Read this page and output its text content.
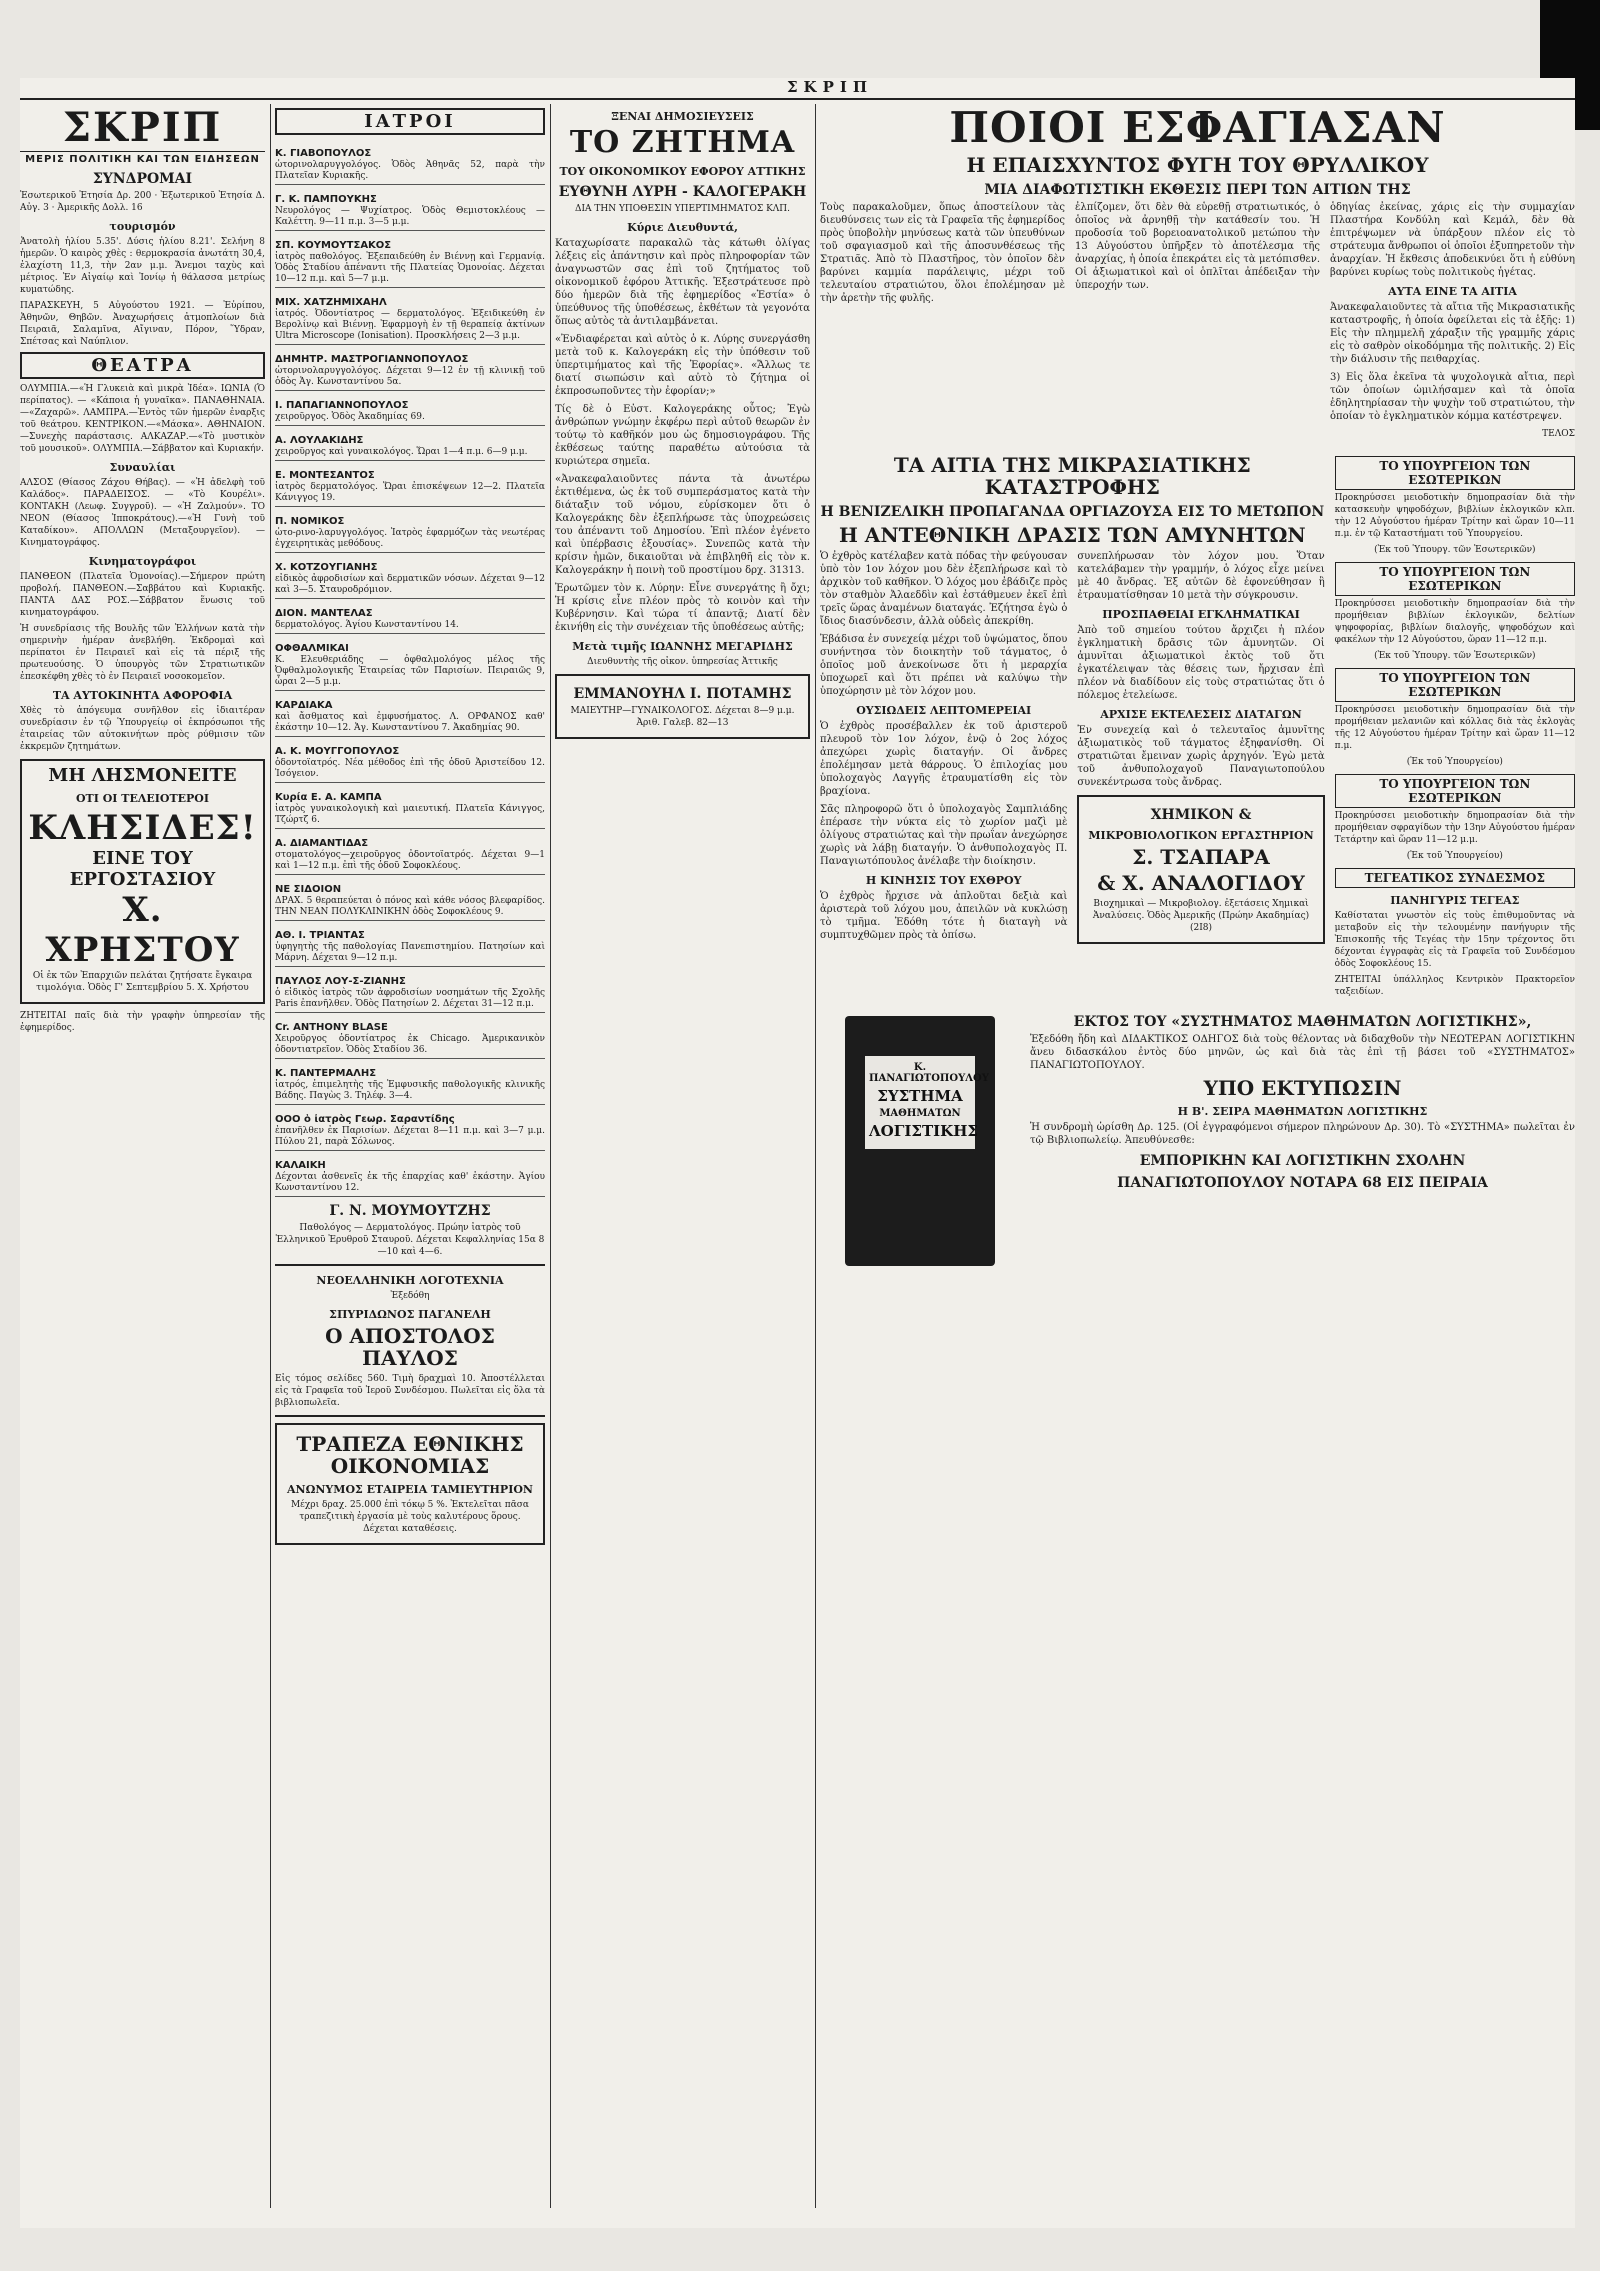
ΣΚΡΙΠ
ΣΚΡΙΠ
ΜΕΡΙΣ ΠΟΛΙΤΙΚΗ ΚΑΙ ΤΩΝ ΕΙΔΗΣΕΩΝ
ΣΥΝΔΡΟΜΑΙ

Ἐσωτερικοῦ Ἐτησία Δρ. 200 · Ἐξωτερικοῦ Ἐτησία Δ. Αὐγ. 3 · Ἀμερικῆς Δολλ. 16

τουρισμόν

Ἀνατολὴ ἡλίου 5.35'. Δύσις ἡλίου 8.21'. Σελήνη 8 ἡμερῶν. Ὁ καιρὸς χθὲς : θερμοκρασία ἀνωτάτη 30,4, ἐλαχίστη 11,3, τὴν 2αν μ.μ. Ἄνεμοι ταχὺς καὶ μέτριος. Ἐν Αἰγαίῳ καὶ Ἰονίῳ ἡ θάλασσα μετρίως κυματώδης.

ΠΑΡΑΣΚΕΥΗ, 5 Αὐγούστου 1921. — Ἐὐρίπου, Ἀθηνῶν, Θηβῶν. Ἀναχωρήσεις ἀτμοπλοίων διὰ Πειραιᾶ, Σαλαμῖνα, Αἴγιναν, Πόρον, Ὕδραν, Σπέτσας καὶ Ναύπλιον.

ΘΕΑΤΡΑ

ΟΛΥΜΠΙΑ.—«Ἡ Γλυκειὰ καὶ μικρὰ Ἰδέα». ΙΩΝΙΑ (Ὁ περίπατος). — «Κάποια ἡ γυναῖκα». ΠΑΝΑΘΗΝΑΙΑ.—«Ζαχαρῶ». ΛΑΜΠΡΑ.—Ἐντὸς τῶν ἡμερῶν ἐναρξις τοῦ θεάτρου. ΚΕΝΤΡΙΚΟΝ.—«Μάσκα». ΑΘΗΝΑΙΟΝ.—Συνεχὴς παράστασις. ΑΛΚΑΖΑΡ.—«Τὸ μυστικὸν τοῦ μουσικοῦ». ΟΛΥΜΠΙΑ.—Σάββατον καὶ Κυριακήν.

Συναυλίαι

ΑΛΣΟΣ (Θίασος Ζάχου Θήβας). — «Ἡ ἀδελφὴ τοῦ Καλάδος». ΠΑΡΑΔΕΙΣΟΣ. — «Τὸ Κουρέλι». ΚΟΝΤΑΚΗ (Λεωφ. Συγγροῦ). — «Ἡ Ζαλμούν». ΤΟ ΝΕΟΝ (Θίασος Ἱπποκράτους).—«Ἡ Γυνὴ τοῦ Καταδίκου». ΑΠΟΛΛΩΝ (Μεταξουργεῖον). — Κινηματογράφος.

Κινηματογράφοι

ΠΑΝΘΕΟΝ (Πλατεῖα Ὁμονοίας).—Σήμερον πρώτη προβολή. ΠΑΝΘΕΟΝ.—Σαββάτου καὶ Κυριακῆς. ΠΑΝΤΑ ΔΑΣ ΡΟΣ.—Σάββατον ἕνωσις τοῦ κινηματογράφου.

Ἡ συνεδρίασις τῆς Βουλῆς τῶν Ἑλλήνων κατὰ τὴν σημερινὴν ἡμέραν ἀνεβλήθη. Ἐκδρομαὶ καὶ περίπατοι ἐν Πειραιεῖ καὶ εἰς τὰ πέριξ τῆς πρωτευούσης. Ὁ ὑπουργὸς τῶν Στρατιωτικῶν ἐπεσκέφθη χθὲς τὸ ἐν Πειραιεῖ νοσοκομεῖον.

ΤΑ ΑΥΤΟΚΙΝΗΤΑ ΑΦΟΡΟΦΙΑ

Χθὲς τὸ ἀπόγευμα συνῆλθον εἰς ἰδιαιτέραν συνεδρίασιν ἐν τῷ Ὑπουργείῳ οἱ ἐκπρόσωποι τῆς ἑταιρείας τῶν αὐτοκινήτων πρὸς ρύθμισιν τῶν ἐκκρεμῶν ζητημάτων.

ΜΗ ΛΗΣΜΟΝΕΙΤΕ
ΟΤΙ ΟΙ ΤΕΛΕΙΟΤΕΡΟΙ
ΚΛΗΣΙΔΕΣ!
ΕΙΝΕ ΤΟΥ
ΕΡΓΟΣΤΑΣΙΟΥ
Χ. ΧΡΗΣΤΟΥ

Οἱ ἐκ τῶν Ἐπαρχιῶν πελάται ζητήσατε ἔγκαιρα τιμολόγια. Ὁδὸς Γ' Σεπτεμβρίου 5. Χ. Χρήστου

ΖΗΤΕΙΤΑΙ παῖς διὰ τὴν γραφὴν ὑπηρεσίαν τῆς ἐφημερίδος.

ΙΑΤΡΟΙ
Κ. ΓΙΑΒΟΠΟΥΛΟΣ

ὠτορινολαρυγγολόγος. Ὁδὸς Ἀθηνᾶς 52, παρὰ τὴν Πλατεῖαν Κυριακῆς.

Γ. Κ. ΠΑΜΠΟΥΚΗΣ

Νευρολόγος — Ψυχίατρος. Ὁδὸς Θεμιστοκλέους — Καλέττη. 9—11 π.μ. 3—5 μ.μ.

ΣΠ. ΚΟΥΜΟΥΤΣΑΚΟΣ

ἰατρὸς παθολόγος. Ἐξεπαιδεύθη ἐν Βιέννῃ καὶ Γερμανίᾳ. Ὁδὸς Σταδίου ἀπέναντι τῆς Πλατείας Ὁμονοίας. Δέχεται 10—12 π.μ. καὶ 5—7 μ.μ.

ΜΙΧ. ΧΑΤΖΗΜΙΧΑΗΛ

ἰατρός. Ὀδοντίατρος — δερματολόγος. Ἐξειδικεύθη ἐν Βερολίνῳ καὶ Βιέννῃ. Ἐφαρμογὴ ἐν τῇ θεραπείᾳ ἀκτίνων Ultra Microscope (Ionisation). Προσκλήσεις 2—3 μ.μ.

ΔΗΜΗΤΡ. ΜΑΣΤΡΟΓΙΑΝΝΟΠΟΥΛΟΣ

ὠτορινολαρυγγολόγος. Δέχεται 9—12 ἐν τῇ κλινικῇ τοῦ ὁδὸς Ἀγ. Κωνσταντίνου 5α.

Ι. ΠΑΠΑΓΙΑΝΝΟΠΟΥΛΟΣ

χειροῦργος. Ὁδὸς Ἀκαδημίας 69.

Α. ΛΟΥΛΑΚΙΔΗΣ

χειροῦργος καὶ γυναικολόγος. Ὥραι 1—4 π.μ. 6—9 μ.μ.

Ε. ΜΟΝΤΕΣΑΝΤΟΣ

ἰατρὸς δερματολόγος. Ὥραι ἐπισκέψεων 12—2. Πλατεῖα Κάνιγγος 19.

Π. ΝΟΜΙΚΟΣ

ὠτο-ρινο-λαρυγγολόγος. Ἰατρὸς ἐφαρμόζων τὰς νεωτέρας ἐγχειρητικὰς μεθόδους.

Χ. ΚΟΤΖΟΥΓΙΑΝΗΣ

εἰδικὸς ἀφροδισίων καὶ δερματικῶν νόσων. Δέχεται 9—12 καὶ 3—5. Σταυροδρόμιον.

ΔΙΟΝ. ΜΑΝΤΕΛΑΣ

δερματολόγος. Ἁγίου Κωνσταντίνου 14.

ΟΦΘΑΛΜΙΚΑΙ

Κ. Ελευθεριάδης — ὀφθαλμολόγος μέλος τῆς Ὀφθαλμολογικῆς Ἑταιρείας τῶν Παρισίων. Πειραιῶς 9, ὧραι 2—5 μ.μ.

ΚΑΡΔΙΑΚΑ

καὶ ἄσθματος καὶ ἐμφυσήματος. Λ. ΟΡΦΑΝΟΣ καθ' ἑκάστην 10—12. Ἀγ. Κωνσταντίνου 7. Ἀκαδημίας 90.

Α. Κ. ΜΟΥΓΓΟΠΟΥΛΟΣ

ὀδοντοϊατρός. Νέα μέθοδος ἐπὶ τῆς ὁδοῦ Ἀριστείδου 12. Ἰσόγειον.

Κυρία Ε. Α. ΚΑΜΠΑ

ἰατρὸς γυναικολογικὴ καὶ μαιευτική. Πλατεῖα Κάνιγγος, Τζώρτζ 6.

Α. ΔΙΑΜΑΝΤΙΔΑΣ

στοματολόγος—χειροῦργος ὀδοντοϊατρός. Δέχεται 9—1 καὶ 1—12 π.μ. ἐπὶ τῆς ὁδοῦ Σοφοκλέους.

ΝΕ ΣΙΔΟΙΟΝ

ΔΡΑΧ. 5 θεραπεύεται ὁ πόνος καὶ κάθε νόσος βλεφαρίδος. ΤΗΝ ΝΕΑΝ ΠΟΛΥΚΛΙΝΙΚΗΝ ὁδὸς Σοφοκλέους 9.

ΑΘ. Ι. ΤΡΙΑΝΤΑΣ

ὑφηγητὴς τῆς παθολογίας Πανεπιστημίου. Πατησίων καὶ Μάρνη. Δέχεται 9—12 π.μ.

ΠΑΥΛΟΣ ΛΟΥ-Σ-ΖΙΑΝΗΣ

ὁ εἰδικὸς ἰατρὸς τῶν ἀφροδισίων νοσημάτων τῆς Σχολῆς Paris ἐπανῆλθεν. Ὁδὸς Πατησίων 2. Δέχεται 31—12 π.μ.

Cr. ANTHONY BLASE

Χειροῦργος ὀδοντίατρος ἐκ Chicago. Ἀμερικανικὸν ὀδοντιατρεῖον. Ὁδὸς Σταδίου 36.

Κ. ΠΑΝΤΕΡΜΑΛΗΣ

ἰατρός, ἐπιμελητὴς τῆς Ἐμφυσικῆς παθολογικῆς κλινικῆς Βάδης. Παγὼς 3. Τηλέφ. 3—4.

ΟΟΟ ὁ ἰατρὸς Γεωρ. Σαραντίδης

ἐπανῆλθεν ἐκ Παρισίων. Δέχεται 8—11 π.μ. καὶ 3—7 μ.μ. Πύλου 21, παρὰ Σόλωνος.

ΚΑΛΑΙΚΗ

Δέχονται ἀσθενεῖς ἐκ τῆς ἐπαρχίας καθ' ἑκάστην. Ἁγίου Κωνσταντίνου 12.

Γ. Ν. ΜΟΥΜΟΥΤΖΗΣ

Παθολόγος — Δερματολόγος. Πρώην ἰατρὸς τοῦ Ἑλληνικοῦ Ἐρυθροῦ Σταυροῦ. Δέχεται Κεφαλληνίας 15α 8—10 καὶ 4—6.

ΝΕΟΕΛΛΗΝΙΚΗ ΛΟΓΟΤΕΧΝΙΑ
Ἐξεδόθη
ΣΠΥΡΙΔΩΝΟΣ ΠΑΓΑΝΕΛΗ
Ο ΑΠΟΣΤΟΛΟΣ ΠΑΥΛΟΣ

Εἰς τόμος σελίδες 560. Τιμὴ δραχμαὶ 10. Ἀποστέλλεται εἰς τὰ Γραφεῖα τοῦ Ἱεροῦ Συνδέσμου. Πωλεῖται εἰς ὅλα τὰ βιβλιοπωλεῖα.

ΤΡΑΠΕΖΑ ΕΘΝΙΚΗΣ ΟΙΚΟΝΟΜΙΑΣ
ΑΝΩΝΥΜΟΣ ΕΤΑΙΡΕΙΑ ΤΑΜΙΕΥΤΗΡΙΟΝ

Μέχρι δραχ. 25.000 ἐπὶ τόκῳ 5 %. Ἐκτελεῖται πᾶσα τραπεζιτικὴ ἐργασία μὲ τοὺς καλυτέρους ὅρους. Δέχεται καταθέσεις.

ΞΕΝΑΙ ΔΗΜΟΣΙΕΥΣΕΙΣ
ΤΟ ΖΗΤΗΜΑ
ΤΟΥ ΟΙΚΟΝΟΜΙΚΟΥ ΕΦΟΡΟΥ ΑΤΤΙΚΗΣ
ΕΥΘΥΝΗ ΛΥΡΗ - ΚΑΛΟΓΕΡΑΚΗ
ΔΙΑ ΤΗΝ ΥΠΟΘΕΣΙΝ ΥΠΕΡΤΙΜΗΜΑΤΟΣ ΚΛΠ.
Κύριε Διευθυντά,

Καταχωρίσατε παρακαλῶ τὰς κάτωθι ὀλίγας λέξεις εἰς ἀπάντησιν καὶ πρὸς πληροφορίαν τῶν ἀναγνωστῶν σας ἐπὶ τοῦ ζητήματος τοῦ οἰκονομικοῦ ἐφόρου Ἀττικῆς. Ἐξεστράτευσε πρὸ δύο ἡμερῶν διὰ τῆς ἐφημερίδος «Ἑστία» ὁ ὑπεύθυνος τῆς ὑποθέσεως, ἐκθέτων τὰ γεγονότα ὅπως αὐτὸς τὰ ἀντιλαμβάνεται.

«Ἐνδιαφέρεται καὶ αὐτὸς ὁ κ. Λύρης συνεργάσθη μετὰ τοῦ κ. Καλογεράκη εἰς τὴν ὑπόθεσιν τοῦ ὑπερτιμήματος καὶ τῆς Ἐφορίας». «Ἄλλως τε διατί σιωπώσιν καὶ αὐτὸ τὸ ζήτημα οἱ ἐκπροσωποῦντες τὴν ἐφορίαν;»

Τίς δὲ ὁ Εὐστ. Καλογεράκης οὗτος; Ἐγὼ ἀνθρώπων γνώμην ἐκφέρω περὶ αὐτοῦ θεωρῶν ἐν τούτῳ τὸ καθῆκόν μου ὡς δημοσιογράφου. Τῆς ἐκθέσεως ταύτης παραθέτω αὐτούσια τὰ κυριώτερα σημεῖα.

«Ἀνακεφαλαιοῦντες πάντα τὰ ἀνωτέρω ἐκτιθέμενα, ὡς ἐκ τοῦ συμπεράσματος κατὰ τὴν διάταξιν τοῦ νόμου, εὑρίσκομεν ὅτι ὁ Καλογεράκης δὲν ἐξεπλήρωσε τὰς ὑποχρεώσεις του ἀπέναντι τοῦ Δημοσίου. Ἐπὶ πλέον ἐγένετο καὶ ὑπέρβασις ἐξουσίας». Συνεπῶς κατὰ τὴν κρίσιν ἡμῶν, δικαιοῦται νὰ ἐπιβληθῆ εἰς τὸν κ. Καλογεράκην ἡ ποινὴ τοῦ προστίμου δρχ. 31313.

Ἐρωτῶμεν τὸν κ. Λύρην: Εἶνε συνεργάτης ἢ ὄχι; Ἡ κρίσις εἶνε πλέον πρὸς τὸ κοινὸν καὶ τὴν Κυβέρνησιν. Καὶ τώρα τί ἀπαντᾷ; Διατί δὲν ἐκινήθη εἰς τὴν συνέχειαν τῆς ὑποθέσεως αὐτῆς;

Μετὰ τιμῆς ΙΩΑΝΝΗΣ ΜΕΓΑΡΙΔΗΣ
Διευθυντὴς τῆς οἰκον. ὑπηρεσίας Ἀττικῆς
ΕΜΜΑΝΟΥΗΛ Ι. ΠΟΤΑΜΗΣ
ΜΑΙΕΥΤΗΡ—ΓΥΝΑΙΚΟΛΟΓΟΣ. Δέχεται 8—9 μ.μ. Ἀριθ. Γαλεβ. 82—13
ΠΟΙΟΙ ΕΣΦΑΓΙΑΣΑΝ
Η ΕΠΑΙΣΧΥΝΤΟΣ ΦΥΓΗ ΤΟΥ ΘΡΥΛΛΙΚΟΥ
ΜΙΑ ΔΙΑΦΩΤΙΣΤΙΚΗ ΕΚΘΕΣΙΣ ΠΕΡΙ ΤΩΝ ΑΙΤΙΩΝ ΤΗΣ

Τοὺς παρακαλοῦμεν, ὅπως ἀποστείλουν τὰς διευθύνσεις των εἰς τὰ Γραφεῖα τῆς ἐφημερίδος πρὸς ὑποβολὴν μηνύσεως κατὰ τῶν ὑπευθύνων τοῦ σφαγιασμοῦ καὶ τῆς ἀποσυνθέσεως τῆς Στρατιᾶς. Ἀπὸ τὸ Πλαστῆρος, τὸν ὁποῖον δὲν βαρύνει καμμία παράλειψις, μέχρι τοῦ τελευταίου στρατιώτου, ὅλοι ἐπολέμησαν μὲ τὴν ἀρετὴν τῆς φυλῆς.

ἐλπίζομεν, ὅτι δὲν θὰ εὑρεθῇ στρατιωτικός, ὁ ὁποῖος νὰ ἀρνηθῇ τὴν κατάθεσίν του. Ἡ προδοσία τοῦ βορειοανατολικοῦ μετώπου τὴν 13 Αὐγούστου ὑπῆρξεν τὸ ἀποτέλεσμα τῆς ἀναρχίας, ἡ ὁποία ἐπεκράτει εἰς τὰ μετόπισθεν. Οἱ ἀξιωματικοὶ καὶ οἱ ὁπλῖται ἀπέδειξαν τὴν ὑπεροχήν των.

ὁδηγίας ἐκείνας, χάρις εἰς τὴν συμμαχίαν Πλαστήρα Κονδύλη καὶ Κεμάλ, δὲν θὰ ἐπιτρέψωμεν νὰ ὑπάρξουν πλέον εἰς τὸ στράτευμα ἄνθρωποι οἱ ὁποῖοι ἐξυπηρετοῦν τὴν ἀναρχίαν. Ἡ ἔκθεσις ἀποδεικνύει ὅτι ἡ εὐθύνη βαρύνει κυρίως τοὺς πολιτικοὺς ἡγέτας.

ΑΥΤΑ ΕΙΝΕ ΤΑ ΑΙΤΙΑ

Ἀνακεφαλαιοῦντες τὰ αἴτια τῆς Μικρασιατικῆς καταστροφῆς, ἡ ὁποία ὀφείλεται εἰς τὰ ἑξῆς: 1) Εἰς τὴν πλημμελῆ χάραξιν τῆς γραμμῆς χάρις εἰς τὸ σαθρὸν οἰκοδόμημα τῆς πολιτικῆς. 2) Εἰς τὴν διάλυσιν τῆς πειθαρχίας.

3) Εἰς ὅλα ἐκεῖνα τὰ ψυχολογικὰ αἴτια, περὶ τῶν ὁποίων ὡμιλήσαμεν καὶ τὰ ὁποῖα ἐδηλητηρίασαν τὴν ψυχὴν τοῦ στρατιώτου, τὴν ὁποίαν τὸ ἐγκληματικὸν κόμμα κατέστρεψεν.

ΤΕΛΟΣ
ΤΑ ΑΙΤΙΑ ΤΗΣ ΜΙΚΡΑΣΙΑΤΙΚΗΣ ΚΑΤΑΣΤΡΟΦΗΣ
Η ΒΕΝΙΖΕΛΙΚΗ ΠΡΟΠΑΓΑΝΔΑ ΟΡΓΙΑΖΟΥΣΑ ΕΙΣ ΤΟ ΜΕΤΩΠΟΝ
Η ΑΝΤΕΘΝΙΚΗ ΔΡΑΣΙΣ ΤΩΝ ΑΜΥΝΗΤΩΝ

Ὁ ἐχθρὸς κατέλαβεν κατὰ πόδας τὴν φεύγουσαν ὑπὸ τὸν 1ον λόχον μου δὲν ἐξεπλήρωσε καὶ τὸ ἀρχικὸν τοῦ καθῆκον. Ὁ λόχος μου ἐβάδιζε πρὸς τὸν σταθμὸν Ἀλαεδδὶν καὶ ἐστάθμευεν ἐκεῖ ἐπὶ τρεῖς ὥρας ἀναμένων διαταγάς. Ἐζήτησα ἐγὼ ὁ ἴδιος διασύνδεσιν, ἀλλὰ οὐδεὶς ἀπεκρίθη.

Ἐβάδισα ἐν συνεχείᾳ μέχρι τοῦ ὑψώματος, ὅπου συνήντησα τὸν διοικητὴν τοῦ τάγματος, ὁ ὁποῖος μοῦ ἀνεκοίνωσε ὅτι ἡ μεραρχία ὑποχωρεῖ καὶ ὅτι πρέπει νὰ καλύψω τὴν ὑποχώρησιν μὲ τὸν λόχον μου.

ΟΥΣΙΩΔΕΙΣ ΛΕΠΤΟΜΕΡΕΙΑΙ

Ὁ ἐχθρὸς προσέβαλλεν ἐκ τοῦ ἀριστεροῦ πλευροῦ τὸν 1ον λόχον, ἐνῷ ὁ 2ος λόχος ἀπεχώρει χωρὶς διαταγήν. Οἱ ἄνδρες ἐπολέμησαν μετὰ θάρρους. Ὁ ἐπιλοχίας μου ὑπολοχαγὸς Λαγγῆς ἐτραυματίσθη εἰς τὸν βραχίονα.

Σᾶς πληροφορῶ ὅτι ὁ ὑπολοχαγὸς Σαμπλιάδης ἐπέρασε τὴν νύκτα εἰς τὸ χωρίον μαζὶ μὲ ὀλίγους στρατιώτας καὶ τὴν πρωΐαν ἀνεχώρησε χωρὶς νὰ λάβῃ διαταγήν. Ὁ ἀνθυπολοχαγὸς Π. Παναγιωτόπουλος ἀνέλαβε τὴν διοίκησιν.

Η ΚΙΝΗΣΙΣ ΤΟΥ ΕΧΘΡΟΥ

Ὁ ἐχθρὸς ἤρχισε νὰ ἀπλοῦται δεξιὰ καὶ ἀριστερὰ τοῦ λόχου μου, ἀπειλῶν νὰ κυκλώσῃ τὸ τμῆμα. Ἐδόθη τότε ἡ διαταγὴ νὰ συμπτυχθῶμεν πρὸς τὰ ὀπίσω.

συνεπλήρωσαν τὸν λόχον μου. Ὅταν κατελάβαμεν τὴν γραμμήν, ὁ λόχος εἶχε μείνει μὲ 40 ἄνδρας. Ἐξ αὐτῶν δὲ ἐφονεύθησαν ἢ ἐτραυματίσθησαν 10 μετὰ τὴν σύγκρουσιν.

ΠΡΟΣΠΑΘΕΙΑΙ ΕΓΚΛΗΜΑΤΙΚΑΙ

Ἀπὸ τοῦ σημείου τούτου ἄρχιζει ἡ πλέον ἐγκληματικὴ δρᾶσις τῶν ἀμυνητῶν. Οἱ ἀμυνῖται ἀξιωματικοὶ ἐκτὸς τοῦ ὅτι ἐγκατέλειψαν τὰς θέσεις των, ἤρχισαν ἐπὶ πλέον νὰ διαδίδουν εἰς τοὺς στρατιώτας ὅτι ὁ πόλεμος ἐτελείωσε.

ΑΡΧΙΣΕ ΕΚΤΕΛΕΣΕΙΣ ΔΙΑΤΑΓΩΝ

Ἐν συνεχείᾳ καὶ ὁ τελευταῖος ἀμυνῖτης ἀξιωματικὸς τοῦ τάγματος ἐξηφανίσθη. Οἱ στρατιῶται ἔμειναν χωρὶς ἀρχηγόν. Ἐγὼ μετὰ τοῦ ἀνθυπολοχαγοῦ Παναγιωτοπούλου συνεκέντρωσα τοὺς ἄνδρας.

ΧΗΜΙΚΟΝ &
ΜΙΚΡΟΒΙΟΛΟΓΙΚΟΝ ΕΡΓΑΣΤΗΡΙΟΝ
Σ. ΤΣΑΠΑΡΑ
& Χ. ΑΝΑΛΟΓΙΔΟΥ

Βιοχημικαὶ — Μικροβιολογ. ἐξετάσεις Χημικαὶ Ἀναλύσεις. Ὁδὸς Ἀμερικῆς (Πρώην Ακαδημίας) (2Ι8)

ΤΟ ΥΠΟΥΡΓΕΙΟΝ ΤΩΝ ΕΣΩΤΕΡΙΚΩΝ

Προκηρύσσει μειοδοτικὴν δημοπρασίαν διὰ τὴν κατασκευὴν ψηφοδόχων, βιβλίων ἐκλογικῶν κλπ. τὴν 12 Αὐγούστου ἡμέραν Τρίτην καὶ ὥραν 10—11 π.μ. ἐν τῷ Καταστήματι τοῦ Ὑπουργείου.

(Ἐκ τοῦ Ὑπουργ. τῶν Ἐσωτερικῶν)
ΤΟ ΥΠΟΥΡΓΕΙΟΝ ΤΩΝ ΕΣΩΤΕΡΙΚΩΝ

Προκηρύσσει μειοδοτικὴν δημοπρασίαν διὰ τὴν προμήθειαν βιβλίων ἐκλογικῶν, δελτίων ψηφοφορίας, βιβλίων διαλογῆς, ψηφοδόχων καὶ φακέλων τὴν 12 Αὐγούστου, ὥραν 11—12 π.μ.

(Ἐκ τοῦ Ὑπουργ. τῶν Ἐσωτερικῶν)
ΤΟ ΥΠΟΥΡΓΕΙΟΝ ΤΩΝ ΕΣΩΤΕΡΙΚΩΝ

Προκηρύσσει μειοδοτικὴν δημοπρασίαν διὰ τὴν προμήθειαν μελανιῶν καὶ κόλλας διὰ τὰς ἐκλογὰς τῆς 12 Αὐγούστου ἡμέραν Τρίτην καὶ ὥραν 11—12 π.μ.

(Ἐκ τοῦ Ὑπουργείου)
ΤΟ ΥΠΟΥΡΓΕΙΟΝ ΤΩΝ ΕΣΩΤΕΡΙΚΩΝ

Προκηρύσσει μειοδοτικὴν δημοπρασίαν διὰ τὴν προμήθειαν σφραγίδων τὴν 13ην Αὐγούστου ἡμέραν Τετάρτην καὶ ὥραν 11—12 μ.μ.

(Ἐκ τοῦ Ὑπουργείου)
ΤΕΓΕΑΤΙΚΟΣ ΣΥΝΔΕΣΜΟΣ
ΠΑΝΗΓΥΡΙΣ ΤΕΓΕΑΣ

Καθίσταται γνωστὸν εἰς τοὺς ἐπιθυμοῦντας νὰ μεταβοῦν εἰς τὴν τελουμένην πανήγυριν τῆς Ἐπισκοπῆς τῆς Τεγέας τὴν 15ην τρέχοντος ὅτι δέχονται ἐγγραφὰς εἰς τὰ Γραφεῖα τοῦ Συνδέσμου ὁδὸς Σοφοκλέους 15.

ΖΗΤΕΙΤΑΙ ὑπάλληλος Κεντρικὸν Πρακτορεῖον ταξειδίων.

Κ. ΠΑΝΑΓΙΩΤΟΠΟΥΛΟΥ
ΣΥΣΤΗΜΑ
ΜΑΘΗΜΑΤΩΝ

ΛΟΓΙΣΤΙΚΗΣ
ΕΚΤΟΣ ΤΟΥ «ΣΥΣΤΗΜΑΤΟΣ ΜΑΘΗΜΑΤΩΝ ΛΟΓΙΣΤΙΚΗΣ»,

Ἐξεδόθη ἤδη καὶ ΔΙΔΑΚΤΙΚΟΣ ΟΔΗΓΟΣ διὰ τοὺς θέλοντας νὰ διδαχθοῦν τὴν ΝΕΩΤΕΡΑΝ ΛΟΓΙΣΤΙΚΗΝ ἄνευ διδασκάλου ἐντὸς δύο μηνῶν, ὡς καὶ διὰ τὰς ἐπὶ τῇ βάσει τοῦ «ΣΥΣΤΗΜΑΤΟΣ» ΠΑΝΑΓΙΩΤΟΠΟΥΛΟΥ.

ΥΠΟ ΕΚΤΥΠΩΣΙΝ
Η Β'. ΣΕΙΡΑ ΜΑΘΗΜΑΤΩΝ ΛΟΓΙΣΤΙΚΗΣ

Ἡ συνδρομὴ ὡρίσθη Δρ. 125. (Οἱ ἐγγραφόμενοι σήμερον πληρώνουν Δρ. 30). Τὸ «ΣΥΣΤΗΜΑ» πωλεῖται ἐν τῷ Βιβλιοπωλείῳ. Ἀπευθύνεσθε:

ΕΜΠΟΡΙΚΗΝ ΚΑΙ ΛΟΓΙΣΤΙΚΗΝ ΣΧΟΛΗΝ
ΠΑΝΑΓΙΩΤΟΠΟΥΛΟΥ ΝΟΤΑΡΑ 68 ΕΙΣ ΠΕΙΡΑΙΑ
